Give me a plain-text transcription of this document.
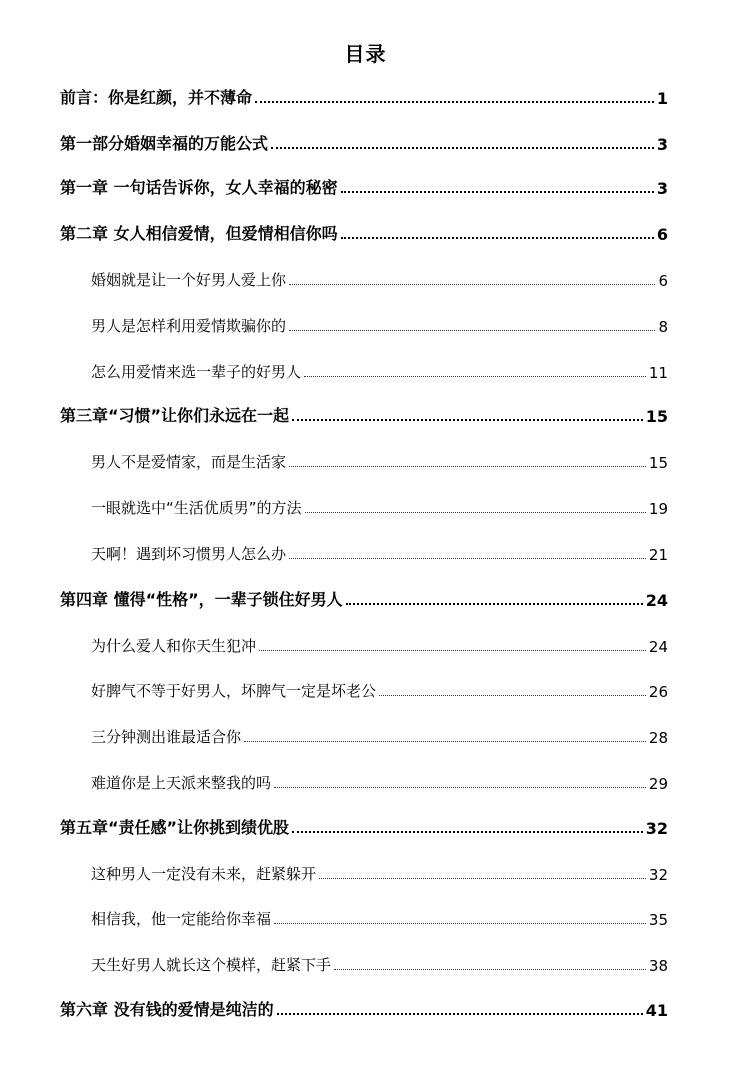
目录
前言：你是红颜，并不薄命	1
第一部分婚姻幸福的万能公式	3
第一章 一句话告诉你，女人幸福的秘密	3
第二章 女人相信爱情，但爱情相信你吗	6
婚姻就是让一个好男人爱上你	6
男人是怎样利用爱情欺骗你的	8
怎么用爱情来选一辈子的好男人	11
第三章“习惯”让你们永远在一起	15
男人不是爱情家，而是生活家	15
一眼就选中“生活优质男”的方法	19
天啊！遇到坏习惯男人怎么办	21
第四章 懂得“性格”，一辈子锁住好男人	24
为什么爱人和你天生犯冲	24
好脾气不等于好男人，坏脾气一定是坏老公	26
三分钟测出谁最适合你	28
难道你是上天派来整我的吗	29
第五章“责任感”让你挑到绩优股	32
这种男人一定没有未来，赶紧躲开	32
相信我，他一定能给你幸福	35
天生好男人就长这个模样，赶紧下手	38
第六章 没有钱的爱情是纯洁的	41
